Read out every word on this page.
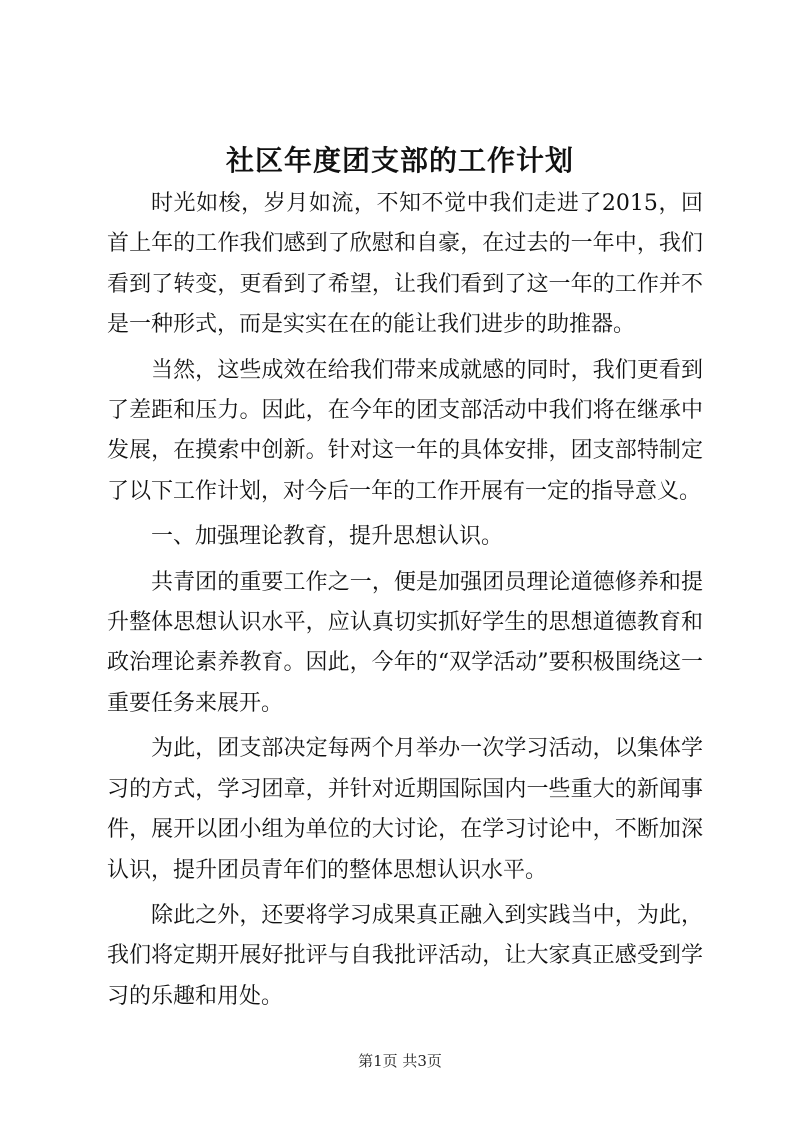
社区年度团支部的工作计划

时光如梭，岁月如流，不知不觉中我们走进了2015，回首上年的工作我们感到了欣慰和自豪，在过去的一年中，我们看到了转变，更看到了希望，让我们看到了这一年的工作并不是一种形式，而是实实在在的能让我们进步的助推器。

当然，这些成效在给我们带来成就感的同时，我们更看到了差距和压力。因此，在今年的团支部活动中我们将在继承中发展，在摸索中创新。针对这一年的具体安排，团支部特制定了以下工作计划，对今后一年的工作开展有一定的指导意义。

一、加强理论教育，提升思想认识。

共青团的重要工作之一，便是加强团员理论道德修养和提升整体思想认识水平，应认真切实抓好学生的思想道德教育和政治理论素养教育。因此，今年的“双学活动”要积极围绕这一重要任务来展开。

为此，团支部决定每两个月举办一次学习活动，以集体学习的方式，学习团章，并针对近期国际国内一些重大的新闻事件，展开以团小组为单位的大讨论，在学习讨论中，不断加深认识，提升团员青年们的整体思想认识水平。

除此之外，还要将学习成果真正融入到实践当中，为此，我们将定期开展好批评与自我批评活动，让大家真正感受到学习的乐趣和用处。

第1页 共3页
